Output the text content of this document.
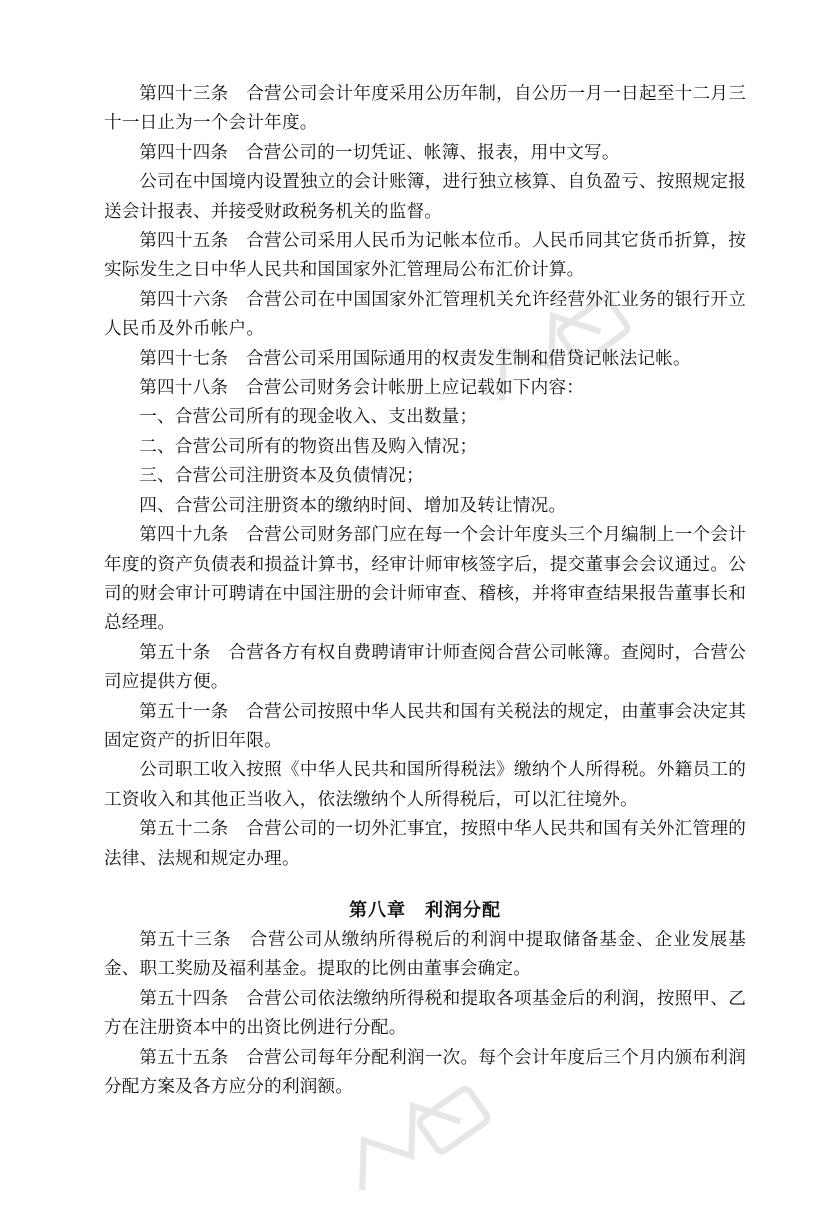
第四十三条　合营公司会计年度采用公历年制，自公历一月一日起至十二月三十一日止为一个会计年度。

第四十四条　合营公司的一切凭证、帐簿、报表，用中文写。

公司在中国境内设置独立的会计账簿，进行独立核算、自负盈亏、按照规定报送会计报表、并接受财政税务机关的监督。

第四十五条　合营公司采用人民币为记帐本位币。人民币同其它货币折算，按实际发生之日中华人民共和国国家外汇管理局公布汇价计算。

第四十六条　合营公司在中国国家外汇管理机关允许经营外汇业务的银行开立人民币及外币帐户。

第四十七条　合营公司采用国际通用的权责发生制和借贷记帐法记帐。

第四十八条　合营公司财务会计帐册上应记载如下内容：

一、合营公司所有的现金收入、支出数量；

二、合营公司所有的物资出售及购入情况；

三、合营公司注册资本及负债情况；

四、合营公司注册资本的缴纳时间、增加及转让情况。

第四十九条　合营公司财务部门应在每一个会计年度头三个月编制上一个会计年度的资产负债表和损益计算书，经审计师审核签字后，提交董事会会议通过。公司的财会审计可聘请在中国注册的会计师审查、稽核，并将审查结果报告董事长和总经理。

第五十条　合营各方有权自费聘请审计师查阅合营公司帐簿。查阅时，合营公司应提供方便。

第五十一条　合营公司按照中华人民共和国有关税法的规定，由董事会决定其固定资产的折旧年限。

公司职工收入按照《中华人民共和国所得税法》缴纳个人所得税。外籍员工的工资收入和其他正当收入，依法缴纳个人所得税后，可以汇往境外。

第五十二条　合营公司的一切外汇事宜，按照中华人民共和国有关外汇管理的法律、法规和规定办理。

第八章　利润分配

第五十三条　合营公司从缴纳所得税后的利润中提取储备基金、企业发展基金、职工奖励及福利基金。提取的比例由董事会确定。

第五十四条　合营公司依法缴纳所得税和提取各项基金后的利润，按照甲、乙方在注册资本中的出资比例进行分配。

第五十五条　合营公司每年分配利润一次。每个会计年度后三个月内颁布利润分配方案及各方应分的利润额。
